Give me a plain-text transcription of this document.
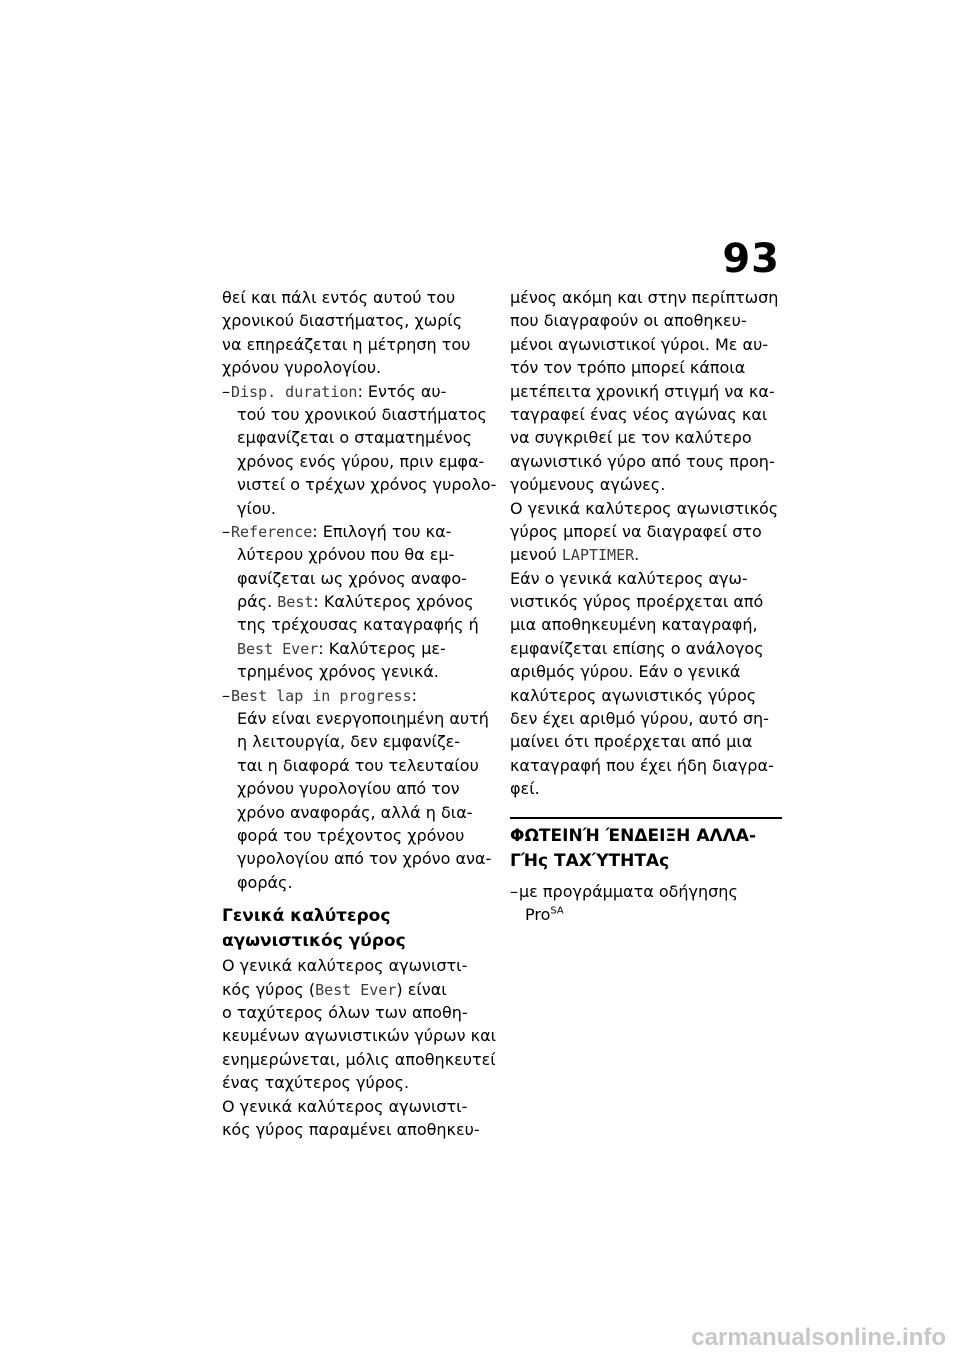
93
θεί και πάλι εντός αυτού του
χρονικού διαστήματος, χωρίς
να επηρεάζεται η μέτρηση του
χρόνου γυρολογίου.
–Disp. duration: Εντός αυ-
τού του χρονικού διαστήματος
εμφανίζεται ο σταματημένος
χρόνος ενός γύρου, πριν εμφα-
νιστεί ο τρέχων χρόνος γυρολο-
γίου.
–Reference: Επιλογή του κα-
λύτερου χρόνου που θα εμ-
φανίζεται ως χρόνος αναφο-
ράς. Best: Καλύτερος χρόνος
της τρέχουσας καταγραφής ή
Best Ever: Καλύτερος με-
τρημένος χρόνος γενικά.
–Best lap in progress:
Εάν είναι ενεργοποιημένη αυτή
η λειτουργία, δεν εμφανίζε-
ται η διαφορά του τελευταίου
χρόνου γυρολογίου από τον
χρόνο αναφοράς, αλλά η δια-
φορά του τρέχοντος χρόνου
γυρολογίου από τον χρόνο ανα-
φοράς.
Γενικά καλύτερος
αγωνιστικός γύρος
Ο γενικά καλύτερος αγωνιστι-
κός γύρος (Best Ever) είναι
ο ταχύτερος όλων των αποθη-
κευμένων αγωνιστικών γύρων και
ενημερώνεται, μόλις αποθηκευτεί
ένας ταχύτερος γύρος.
Ο γενικά καλύτερος αγωνιστι-
κός γύρος παραμένει αποθηκευ-
μένος ακόμη και στην περίπτωση
που διαγραφούν οι αποθηκευ-
μένοι αγωνιστικοί γύροι. Με αυ-
τόν τον τρόπο μπορεί κάποια
μετέπειτα χρονική στιγμή να κα-
ταγραφεί ένας νέος αγώνας και
να συγκριθεί με τον καλύτερο
αγωνιστικό γύρο από τους προη-
γούμενους αγώνες.
Ο γενικά καλύτερος αγωνιστικός
γύρος μπορεί να διαγραφεί στο
μενού LAPTIMER.
Εάν ο γενικά καλύτερος αγω-
νιστικός γύρος προέρχεται από
μια αποθηκευμένη καταγραφή,
εμφανίζεται επίσης ο ανάλογος
αριθμός γύρου. Εάν ο γενικά
καλύτερος αγωνιστικός γύρος
δεν έχει αριθμό γύρου, αυτό ση-
μαίνει ότι προέρχεται από μια
καταγραφή που έχει ήδη διαγρα-
φεί.
ΦΩΤΕΙΝΉ ΈΝΔΕΙΞΗ ΑΛΛΑ-
ΓΉς ΤΑΧΎΤΗΤΑς
–με προγράμματα οδήγησης
Pro$^{SA}$
carmanualsonline.info
